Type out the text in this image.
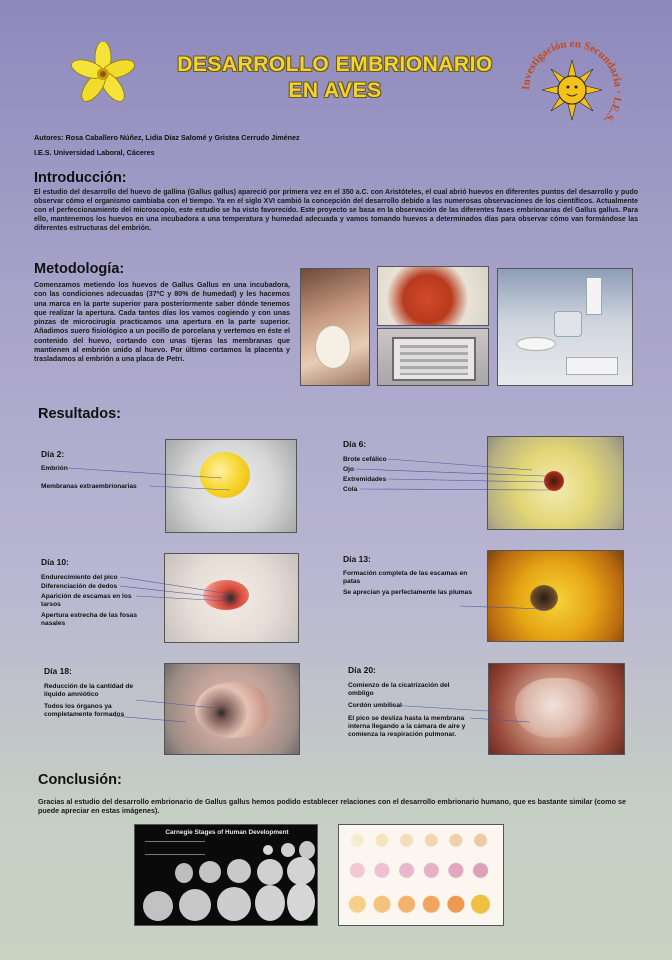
DESARROLLO EMBRIONARIO
EN AVES	Investigación en Secundaria · I.E.S.
Autores: Rosa Caballero Núñez, Lidia Díaz Salomé y Gristea Cerrudo Jiménez
I.E.S. Universidad Laboral, Cáceres
Introducción:
El estudio del desarrollo del huevo de gallina (Gallus gallus) apareció por primera vez en el 350 a.C. con Aristóteles, el cual abrió huevos en diferentes puntos del desarrollo y pudo observar cómo el organismo cambiaba con el tiempo. Ya en el siglo XVI cambió la concepción del desarrollo debido a las numerosas observaciones de los científicos. Actualmente con el perfeccionamiento del microscopio, este estudio se ha visto favorecido. Este proyecto se basa en la observación de las diferentes fases embrionarias del Gallus gallus. Para ello, mantenemos los huevos en una incubadora a una temperatura y humedad adecuada y vamos tomando huevos a determinados días para observar cómo van formándose las diferentes estructuras del embrión.
Metodología:
Comenzamos metiendo los huevos de Gallus Gallus en una incubadora, con las condiciones adecuadas (37ºC y 80% de humedad) y les hacemos una marca en la parte superior para posteriormente saber dónde tenemos que realizar la apertura. Cada tantos días los vamos cogiendo y con unas pinzas de microcirugía practicamos una apertura en la parte superior. Añadimos suero fisiológico a un pocillo de porcelana y vertemos en éste el contenido del huevo, cortando con unas tijeras las membranas que mantienen al embrión unido al huevo. Por último cortamos la placenta y trasladamos al embrión a una placa de Petri.
Resultados:
Día 2:
Embrión
Membranas extraembrionarias
Día 6:
Brote cefálico
Ojo
Extremidades
Cola
Día 10:
Endurecimiento del pico
Diferenciación de dedos
Aparición de escamas en los tarsos
Apertura estrecha de las fosas nasales
Día 13:
Formación completa de las escamas en patas
Se aprecian ya perfectamente las plumas
Día 18:
Reducción de la cantidad de líquido amniótico
Todos los órganos ya completamente formados
Día 20:
Comienzo de la cicatrización del ombligo
Cordón umbilical
El pico se desliza hasta la membrana interna llegando a la cámara de aire y comienza la respiración pulmonar.
Conclusión:
Gracias al estudio del desarrollo embrionario de Gallus gallus hemos podido establecer relaciones con el desarrollo embrionario humano, que es bastante similar (como se puede apreciar en estas imágenes).
Carnegie Stages of Human Development
